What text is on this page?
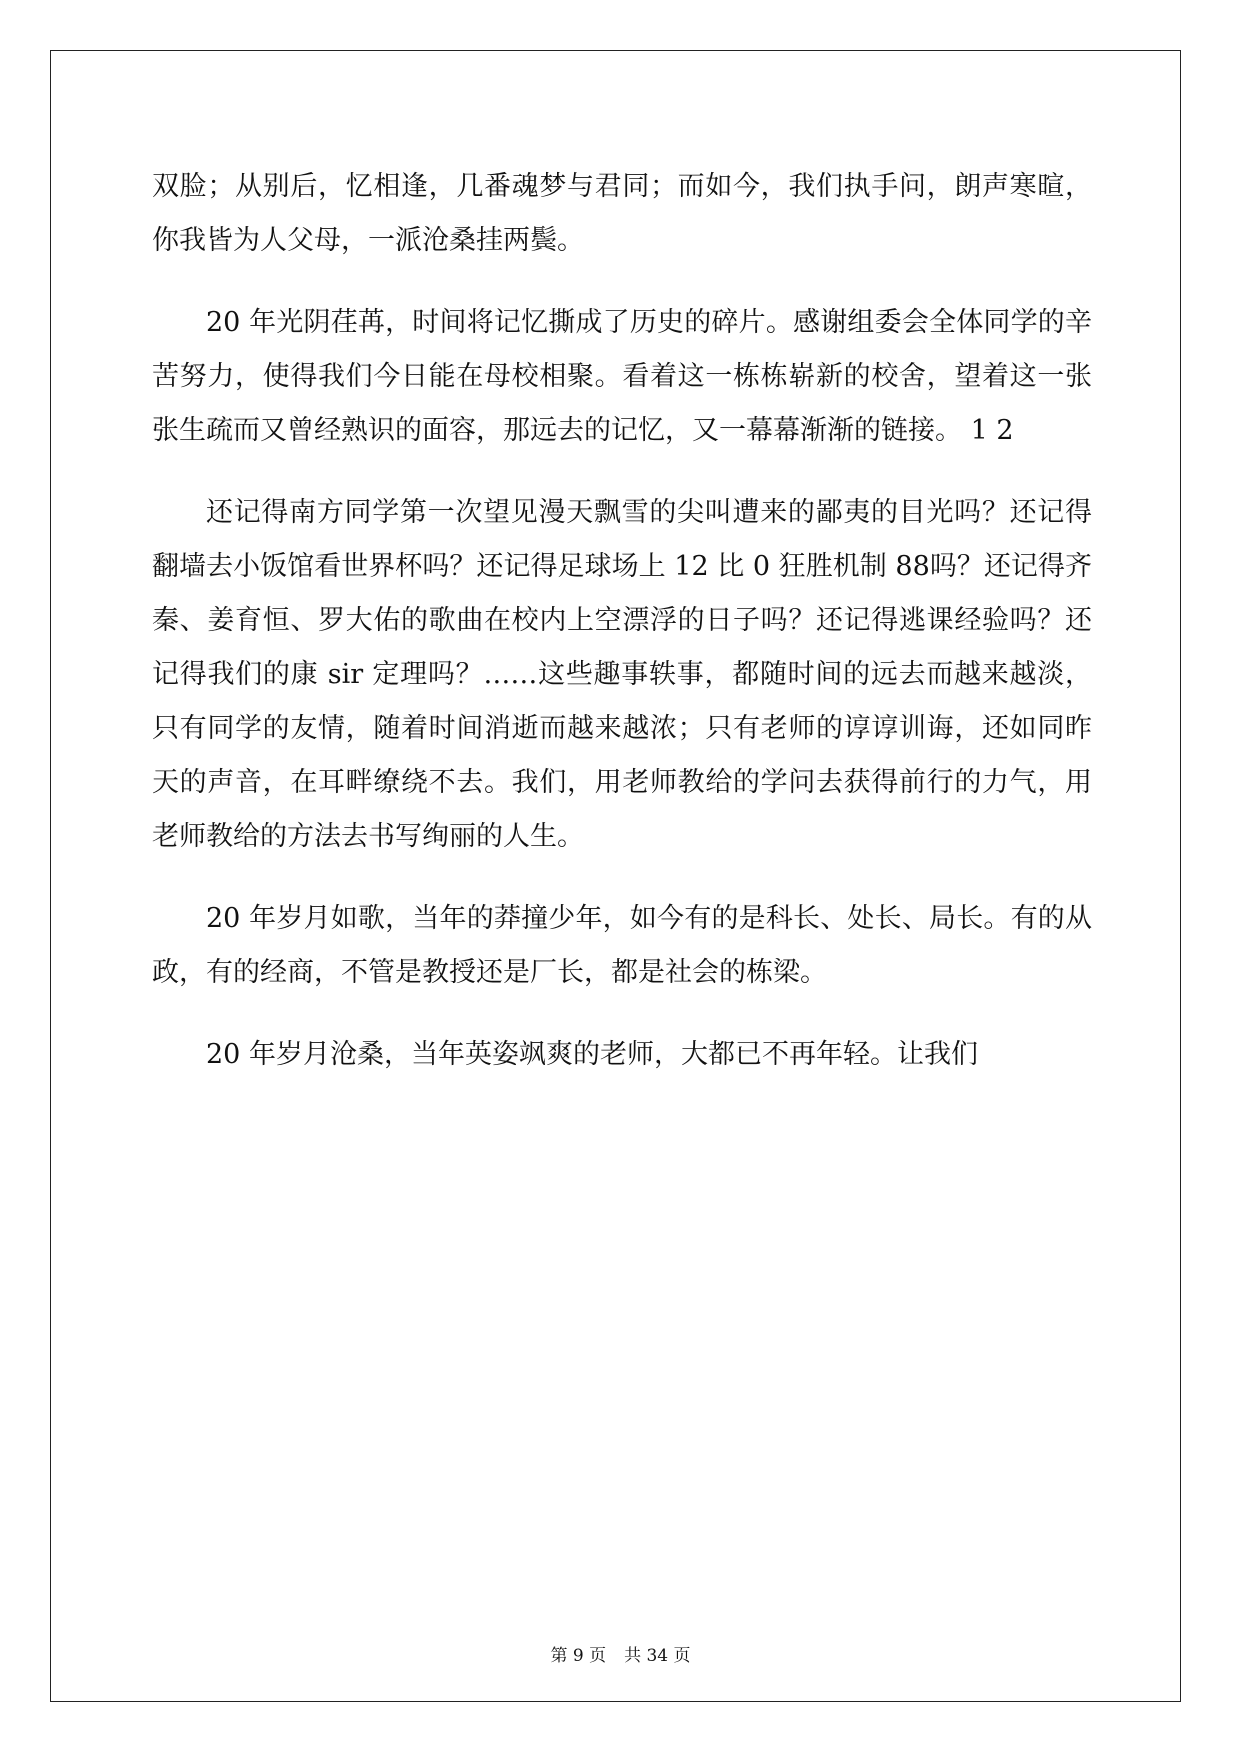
双脸；从别后，忆相逢，几番魂梦与君同；而如今，我们执手问，朗声寒暄，你我皆为人父母，一派沧桑挂两鬓。

20 年光阴荏苒，时间将记忆撕成了历史的碎片。感谢组委会全体同学的辛苦努力，使得我们今日能在母校相聚。看着这一栋栋崭新的校舍，望着这一张张生疏而又曾经熟识的面容，那远去的记忆，又一幕幕渐渐的链接。 1 2

还记得南方同学第一次望见漫天飘雪的尖叫遭来的鄙夷的目光吗？还记得翻墙去小饭馆看世界杯吗？还记得足球场上 12 比 0 狂胜机制 88吗？还记得齐秦、姜育恒、罗大佑的歌曲在校内上空漂浮的日子吗？还记得逃课经验吗？还记得我们的康 sir 定理吗？……这些趣事轶事，都随时间的远去而越来越淡，只有同学的友情，随着时间消逝而越来越浓；只有老师的谆谆训诲，还如同昨天的声音，在耳畔缭绕不去。我们，用老师教给的学问去获得前行的力气，用老师教给的方法去书写绚丽的人生。

20 年岁月如歌，当年的莽撞少年，如今有的是科长、处长、局长。有的从政，有的经商，不管是教授还是厂长，都是社会的栋梁。

20 年岁月沧桑，当年英姿飒爽的老师，大都已不再年轻。让我们

第 9 页 共 34 页
